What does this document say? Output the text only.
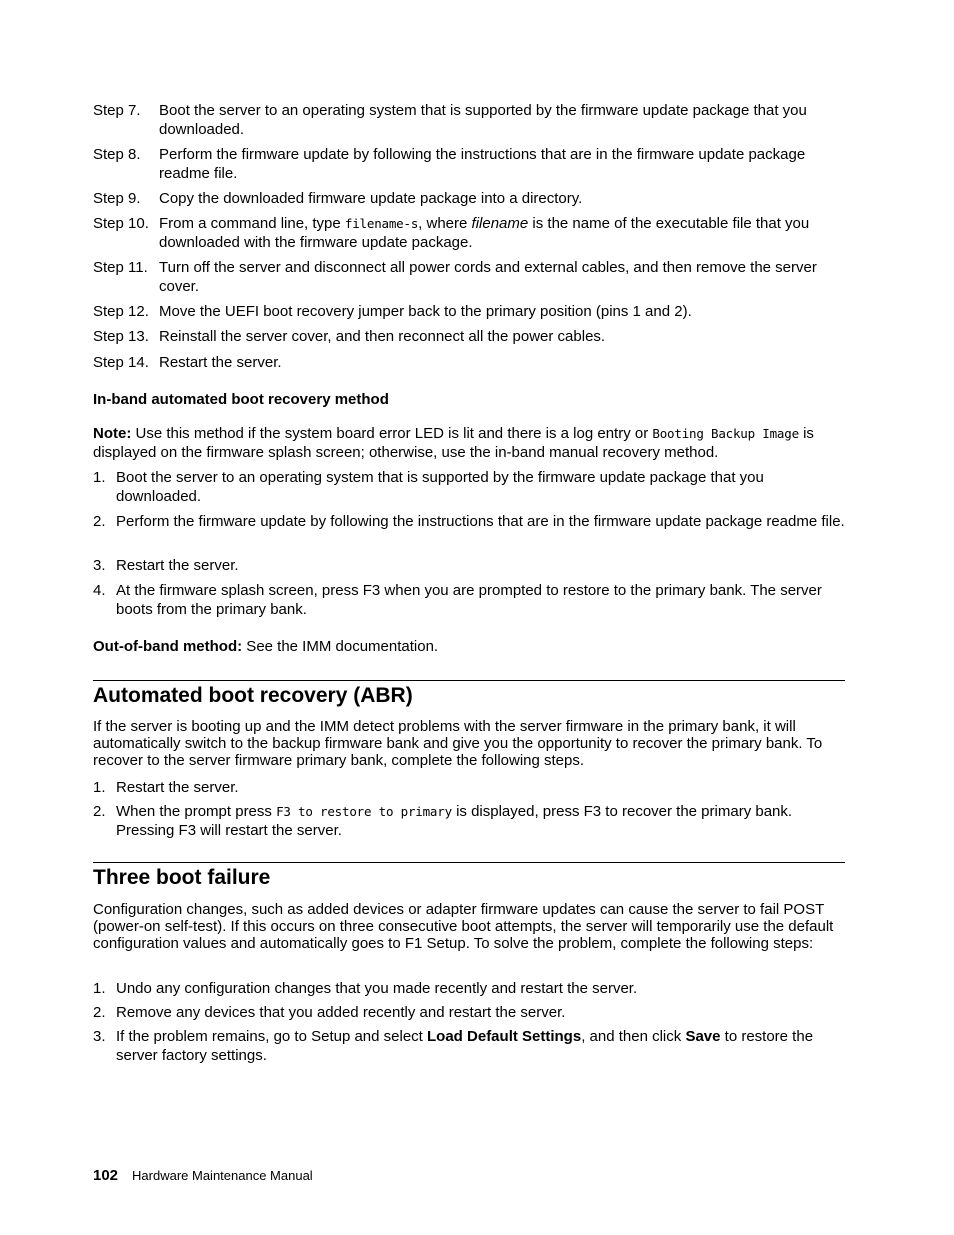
Step 7.	Boot the server to an operating system that is supported by the firmware update package that you downloaded.
Step 8.	Perform the firmware update by following the instructions that are in the firmware update package readme file.
Step 9.	Copy the downloaded firmware update package into a directory.
Step 10. From a command line, type filename-s, where filename is the name of the executable file that you downloaded with the firmware update package.
Step 11. Turn off the server and disconnect all power cords and external cables, and then remove the server cover.
Step 12. Move the UEFI boot recovery jumper back to the primary position (pins 1 and 2).
Step 13. Reinstall the server cover, and then reconnect all the power cables.
Step 14. Restart the server.
In-band automated boot recovery method
Note: Use this method if the system board error LED is lit and there is a log entry or Booting Backup Image is displayed on the firmware splash screen; otherwise, use the in-band manual recovery method.
1. Boot the server to an operating system that is supported by the firmware update package that you downloaded.
2. Perform the firmware update by following the instructions that are in the firmware update package readme file.
3. Restart the server.
4. At the firmware splash screen, press F3 when you are prompted to restore to the primary bank. The server boots from the primary bank.
Out-of-band method: See the IMM documentation.
Automated boot recovery (ABR)
If the server is booting up and the IMM detect problems with the server firmware in the primary bank, it will automatically switch to the backup firmware bank and give you the opportunity to recover the primary bank. To recover to the server firmware primary bank, complete the following steps.
1. Restart the server.
2. When the prompt press F3 to restore to primary is displayed, press F3 to recover the primary bank. Pressing F3 will restart the server.
Three boot failure
Configuration changes, such as added devices or adapter firmware updates can cause the server to fail POST (power-on self-test). If this occurs on three consecutive boot attempts, the server will temporarily use the default configuration values and automatically goes to F1 Setup. To solve the problem, complete the following steps:
1. Undo any configuration changes that you made recently and restart the server.
2. Remove any devices that you added recently and restart the server.
3. If the problem remains, go to Setup and select Load Default Settings, and then click Save to restore the server factory settings.
102 Hardware Maintenance Manual
